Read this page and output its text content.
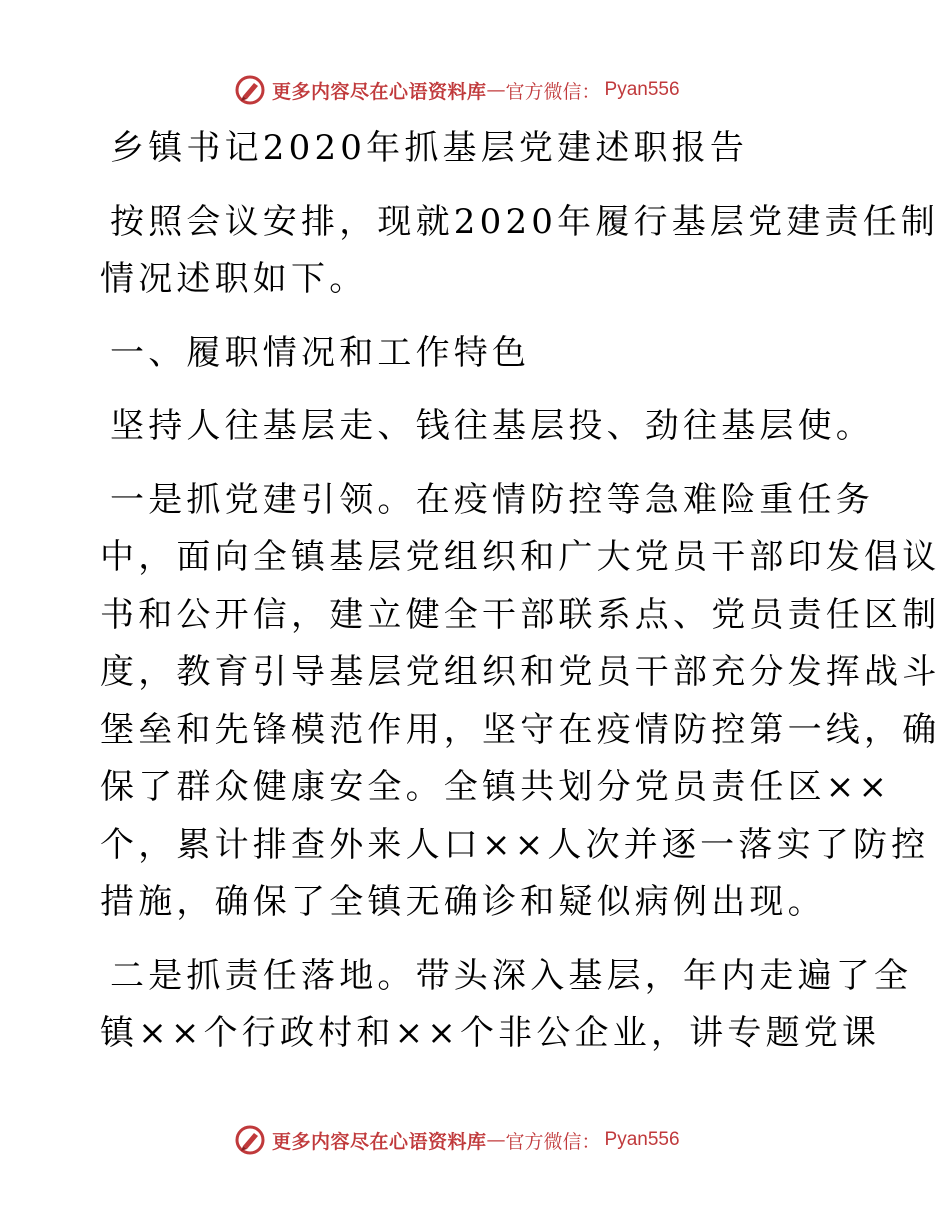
更多内容尽在心语资料库 — 官方微信： Pyan556
乡镇书记2020年抓基层党建述职报告
按照会议安排，现就2020年履行基层党建责任制
情况述职如下。
一、履职情况和工作特色
坚持人往基层走、钱往基层投、劲往基层使。
一是抓党建引领。在疫情防控等急难险重任务
中，面向全镇基层党组织和广大党员干部印发倡议
书和公开信，建立健全干部联系点、党员责任区制
度，教育引导基层党组织和党员干部充分发挥战斗
堡垒和先锋模范作用，坚守在疫情防控第一线，确
保了群众健康安全。全镇共划分党员责任区××
个，累计排查外来人口××人次并逐一落实了防控
措施，确保了全镇无确诊和疑似病例出现。
二是抓责任落地。带头深入基层，年内走遍了全
镇××个行政村和××个非公企业，讲专题党课
更多内容尽在心语资料库 — 官方微信： Pyan556
